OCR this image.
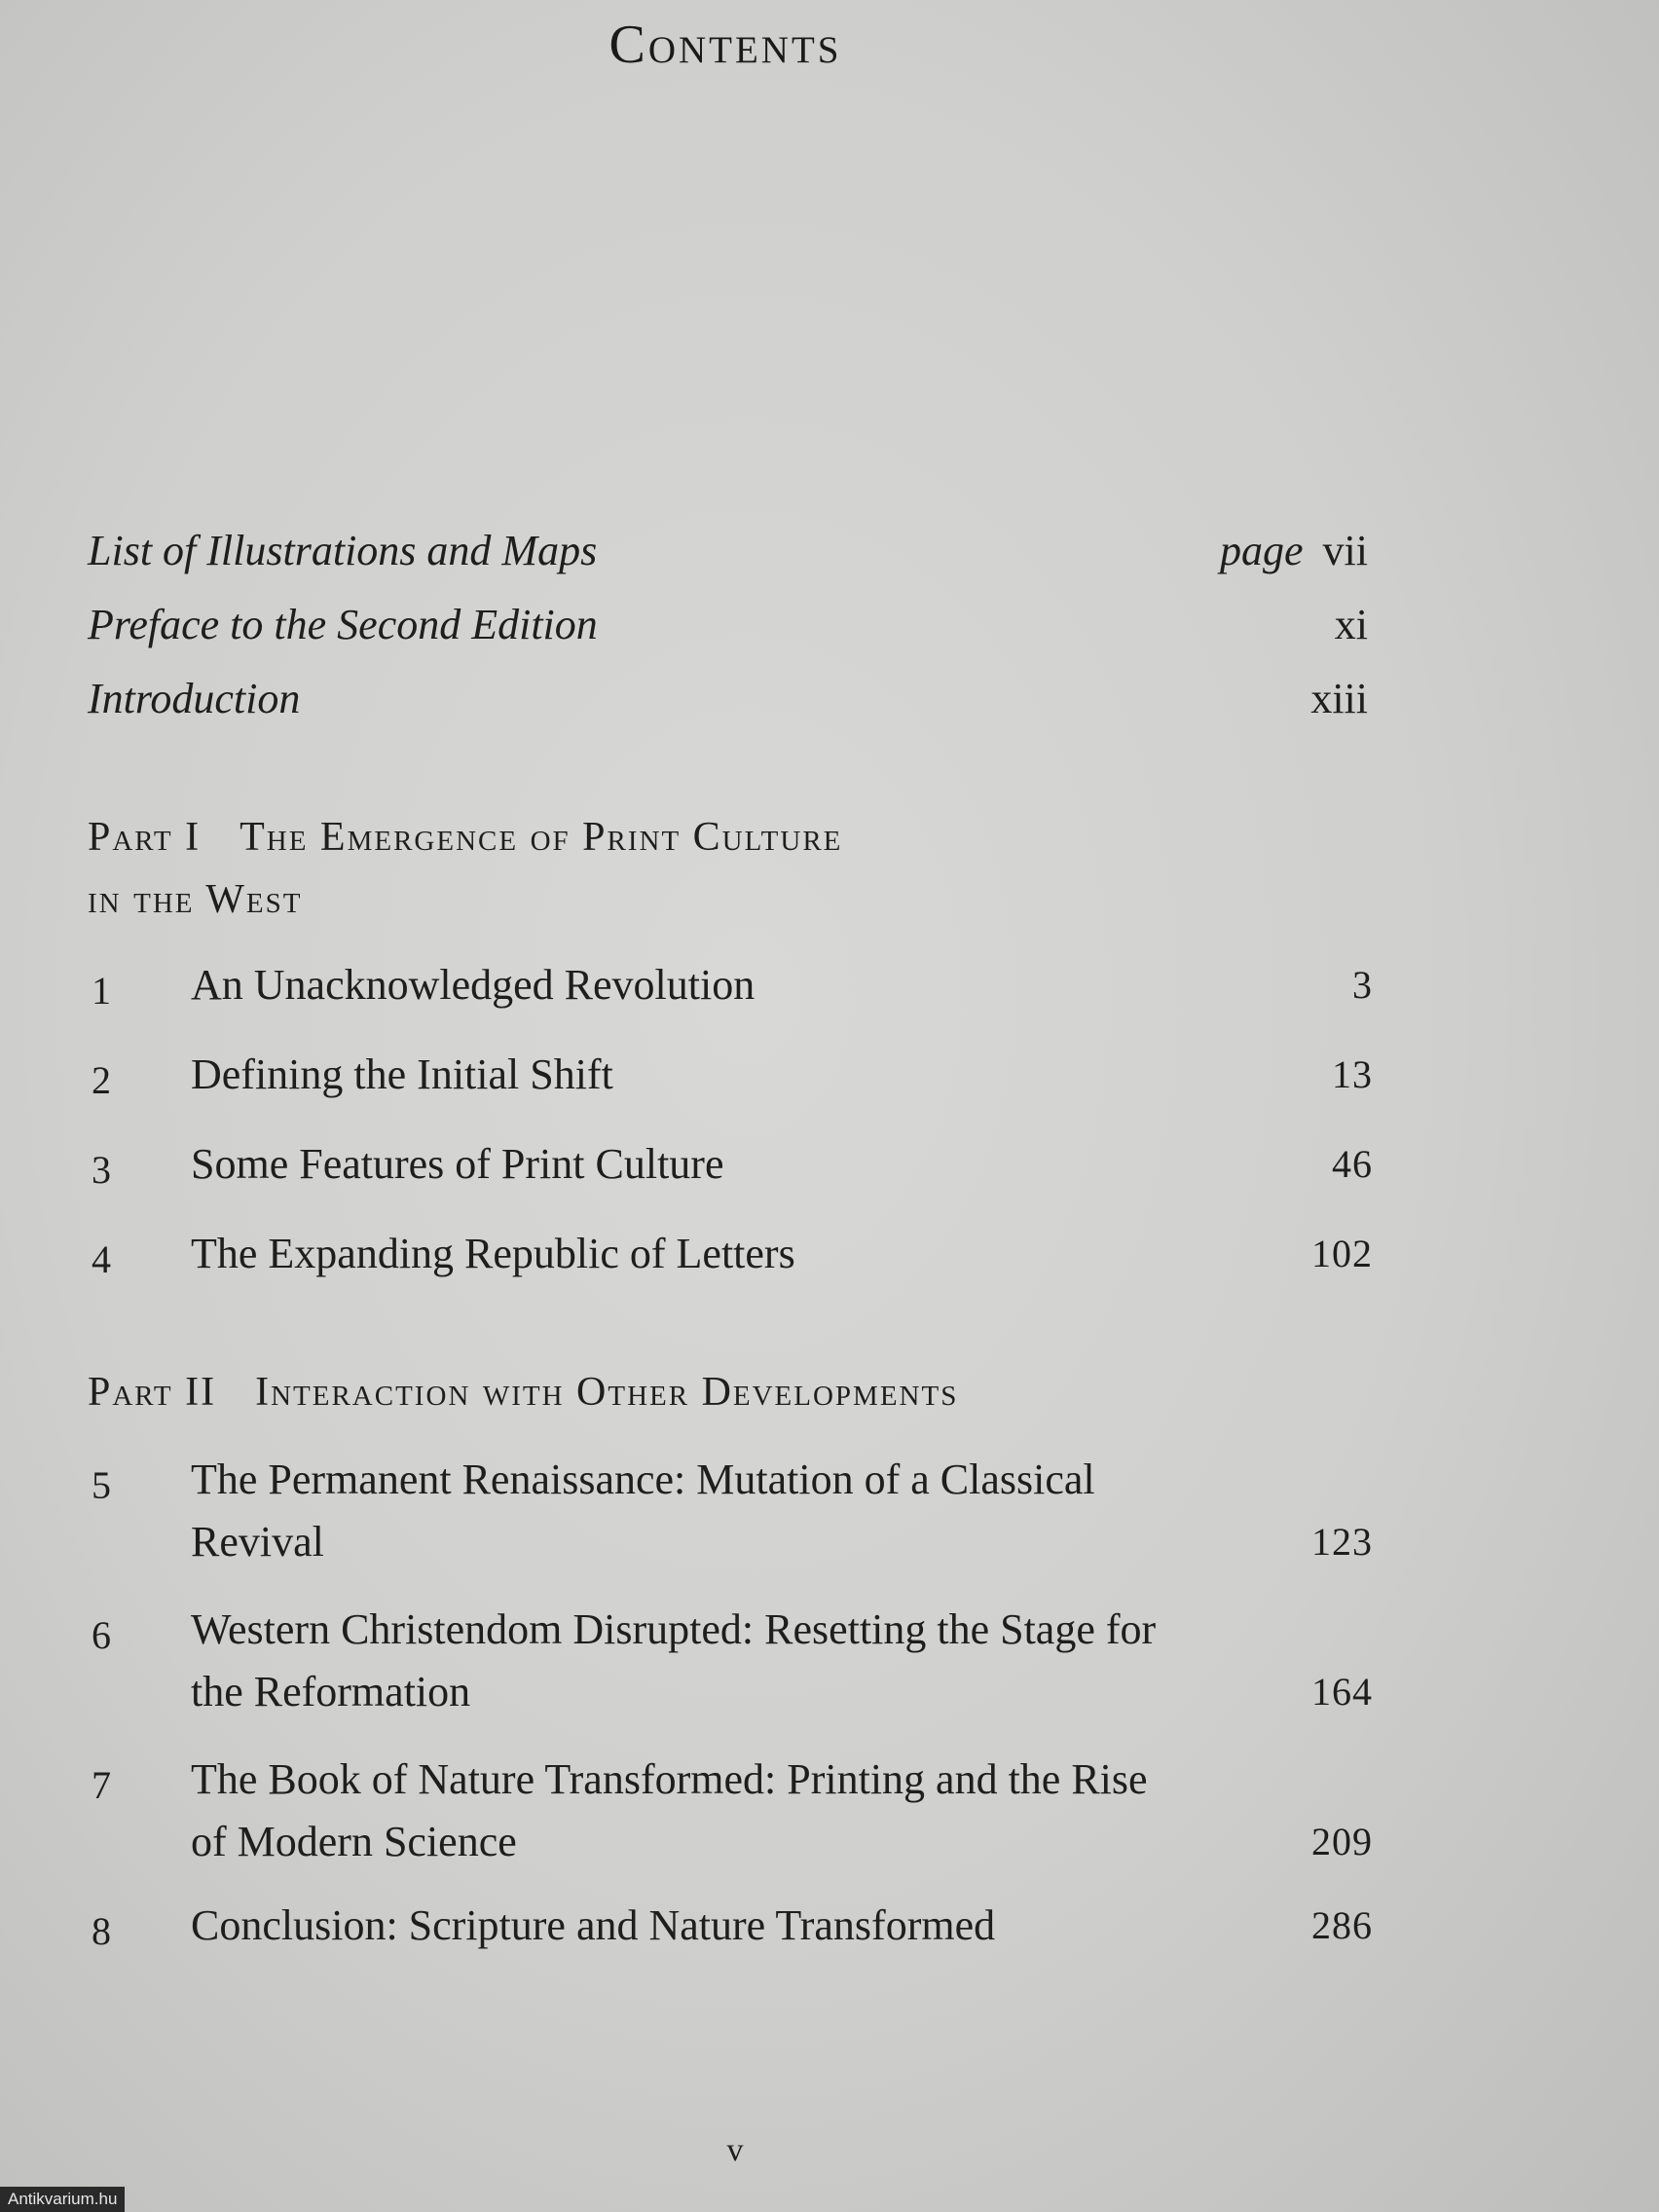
Contents
List of Illustrations and Maps	page vii
Preface to the Second Edition	xi
Introduction	xiii
Part I The Emergence of Print Culture
in the West
1 An Unacknowledged Revolution	3
2 Defining the Initial Shift	13
3 Some Features of Print Culture	46
4 The Expanding Republic of Letters	102
Part II Interaction with Other Developments
5 The Permanent Renaissance: Mutation of a Classical
Revival	123
6 Western Christendom Disrupted: Resetting the Stage for
the Reformation	164
7 The Book of Nature Transformed: Printing and the Rise
of Modern Science	209
8 Conclusion: Scripture and Nature Transformed	286
v
Antikvarium.hu
